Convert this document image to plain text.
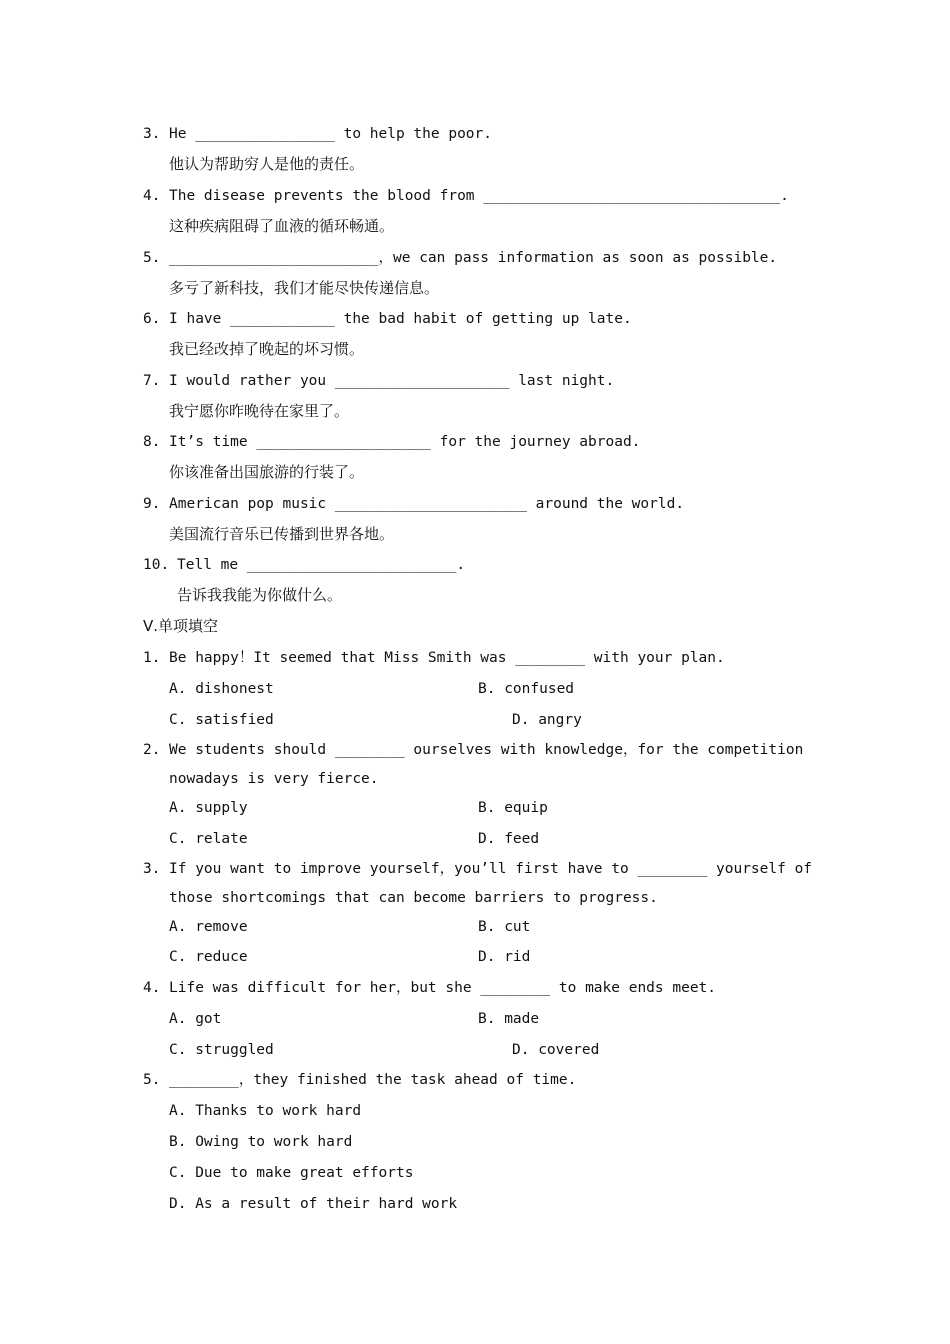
3. He ________________ to help the poor.
他认为帮助穷人是他的责任。
4. The disease prevents the blood from __________________________________.
这种疾病阻碍了血液的循环畅通。
5. ________________________，we can pass information as soon as possible.
多亏了新科技，我们才能尽快传递信息。
6. I have ____________ the bad habit of getting up late.
我已经改掉了晚起的坏习惯。
7. I would rather you ____________________ last night.
我宁愿你昨晚待在家里了。
8. It’s time ____________________ for the journey abroad.
你该准备出国旅游的行装了。
9. American pop music ______________________ around the world.
美国流行音乐已传播到世界各地。
10. Tell me ________________________.
告诉我我能为你做什么。
Ⅴ.单项填空
1. Be happy！It seemed that Miss Smith was ________ with your plan.
A. dishonest	B. confused
C. satisfied	D. angry
2. We students should ________ ourselves with knowledge，for the competition
nowadays is very fierce.
A. supply	B. equip
C. relate	D. feed
3. If you want to improve yourself，you’ll first have to ________ yourself of
those shortcomings that can become barriers to progress.
A. remove	B. cut
C. reduce	D. rid
4. Life was difficult for her，but she ________ to make ends meet.
A. got	B. made
C. struggled	D. covered
5. ________，they finished the task ahead of time.
A. Thanks to work hard
B. Owing to work hard
C. Due to make great efforts
D. As a result of their hard work
